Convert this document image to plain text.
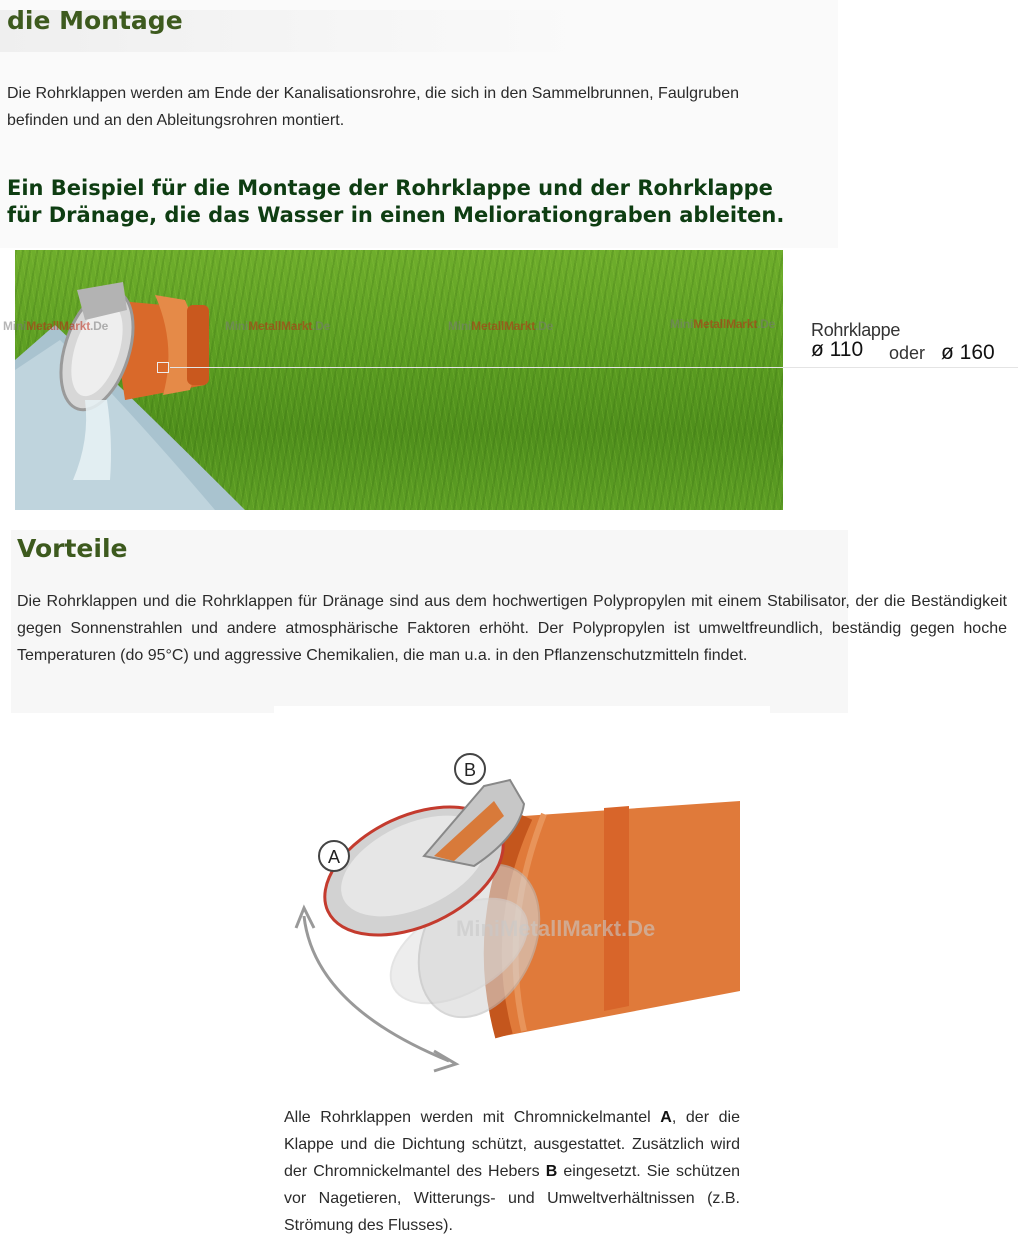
die Montage

Die Rohrklappen werden am Ende der Kanalisationsrohre, die sich in den Sammelbrunnen, Faulgruben befinden und an den Ableitungsrohren montiert.

Ein Beispiel für die Montage der Rohrklappe und der Rohrklappe für Dränage, die das Wasser in einen Meliorationgraben ableiten.
MiniMetallMarkt.De	MiniMetallMarkt.De	MiniMetallMarkt.De	MiniMetallMarkt.De Rohrklappe
ø 110 oder ø 160
Vorteile

Die Rohrklappen und die Rohrklappen für Dränage sind aus dem hochwertigen Polypropylen mit einem Stabilisator, der die Beständigkeit gegen Sonnenstrahlen und andere atmosphärische Faktoren erhöht. Der Polypropylen ist umweltfreundlich, beständig gegen hoche Temperaturen (do 95°C) und aggressive Chemikalien, die man u.a. in den Pflanzenschutzmitteln findet.

A
B
MiniMetallMarkt.De

Alle Rohrklappen werden mit Chromnickelmantel A, der die Klappe und die Dichtung schützt, ausgestattet. Zusätzlich wird der Chromnickelmantel des Hebers B eingesetzt. Sie schützen vor Nagetieren, Witterungs- und Umweltverhältnissen (z.B. Strömung des Flusses).
